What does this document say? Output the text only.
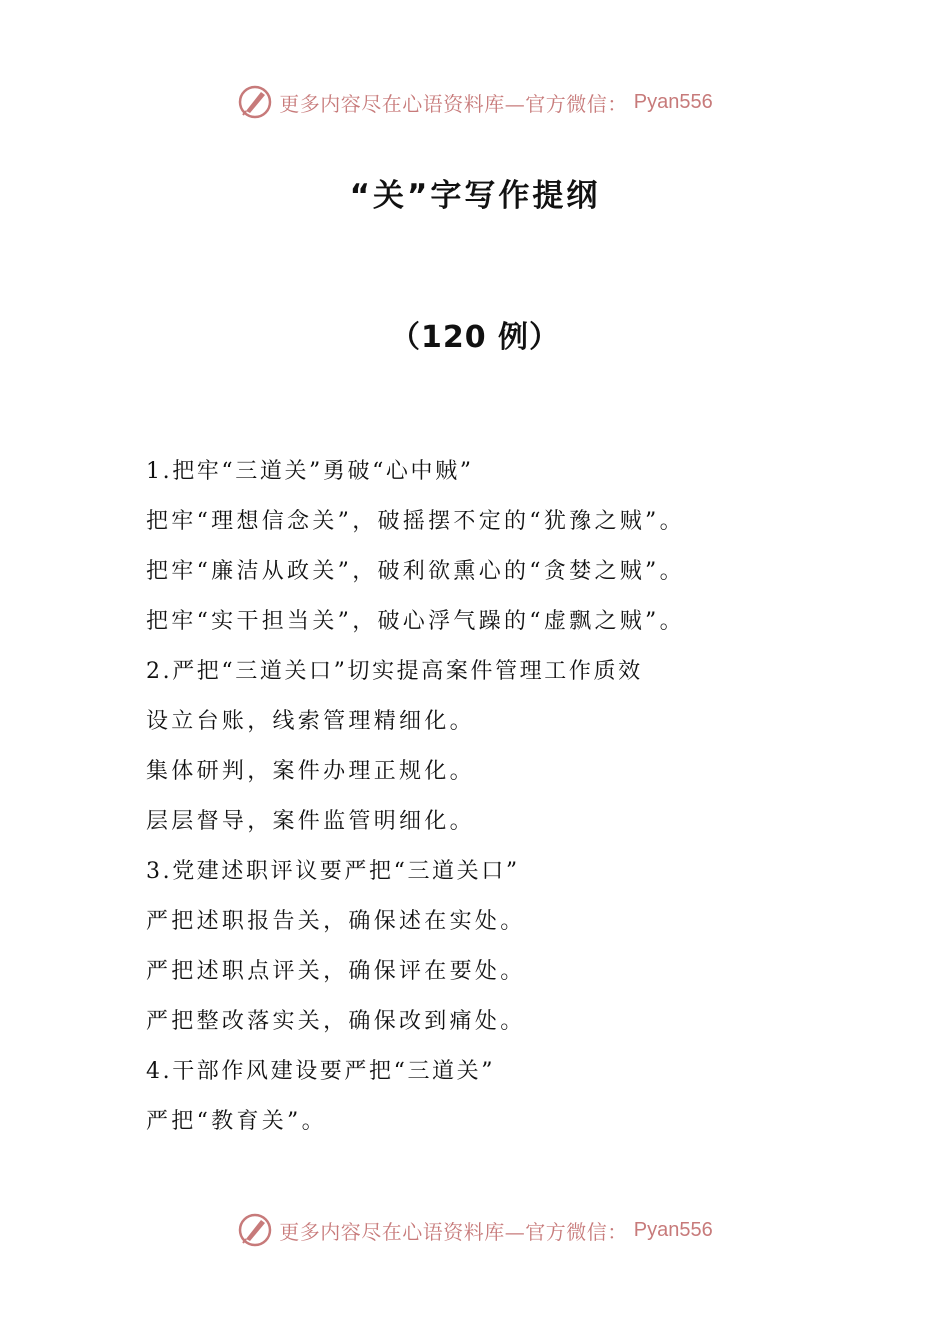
更多内容尽在心语资料库—官方微信： Pyan556
“关”字写作提纲
（120 例）
1.把牢“三道关”勇破“心中贼”
把牢“理想信念关”，破摇摆不定的“犹豫之贼”。
把牢“廉洁从政关”，破利欲熏心的“贪婪之贼”。
把牢“实干担当关”，破心浮气躁的“虚飘之贼”。
2.严把“三道关口”切实提高案件管理工作质效
设立台账，线索管理精细化。
集体研判，案件办理正规化。
层层督导，案件监管明细化。
3.党建述职评议要严把“三道关口”
严把述职报告关，确保述在实处。
严把述职点评关，确保评在要处。
严把整改落实关，确保改到痛处。
4.干部作风建设要严把“三道关”
严把“教育关”。
更多内容尽在心语资料库—官方微信： Pyan556
